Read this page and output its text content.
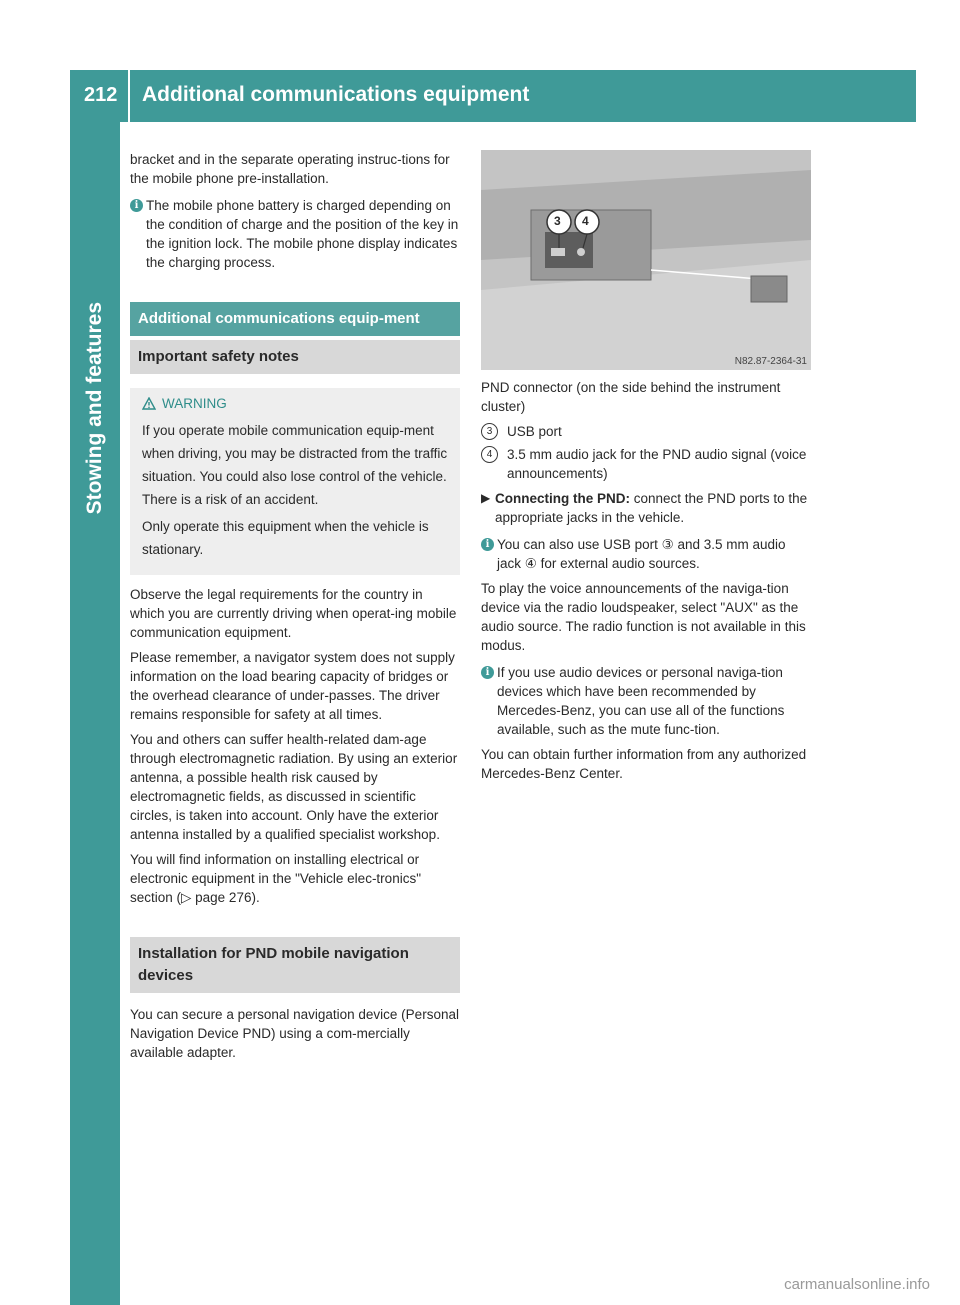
212 Additional communications equipment
Stowing and features

bracket and in the separate operating instruc-tions for the mobile phone pre-installation.

i The mobile phone battery is charged depending on the condition of charge and the position of the key in the ignition lock. The mobile phone display indicates the charging process.
Additional communications equip-ment
Important safety notes
WARNING

If you operate mobile communication equip-ment when driving, you may be distracted from the traffic situation. You could also lose control of the vehicle. There is a risk of an accident.

Only operate this equipment when the vehicle is stationary.

Observe the legal requirements for the country in which you are currently driving when operat-ing mobile communication equipment.

Please remember, a navigator system does not supply information on the load bearing capacity of bridges or the overhead clearance of under-passes. The driver remains responsible for safety at all times.

You and others can suffer health-related dam-age through electromagnetic radiation. By using an exterior antenna, a possible health risk caused by electromagnetic fields, as discussed in scientific circles, is taken into account. Only have the exterior antenna installed by a qualified specialist workshop.

You will find information on installing electrical or electronic equipment in the "Vehicle elec-tronics" section (▷ page 276).

Installation for PND mobile navigation devices

You can secure a personal navigation device (Personal Navigation Device PND) using a com-mercially available adapter.

3 4
N82.87-2364-31

PND connector (on the side behind the instrument cluster)

3	USB port
4	3.5 mm audio jack for the PND audio signal (voice announcements)
▶ Connecting the PND: connect the PND ports to the appropriate jacks in the vehicle.
i You can also use USB port ③ and 3.5 mm audio jack ④ for external audio sources.

To play the voice announcements of the naviga-tion device via the radio loudspeaker, select "AUX" as the audio source. The radio function is not available in this modus.

i If you use audio devices or personal naviga-tion devices which have been recommended by Mercedes-Benz, you can use all of the functions available, such as the mute func-tion.

You can obtain further information from any authorized Mercedes-Benz Center.

carmanualsonline.info
